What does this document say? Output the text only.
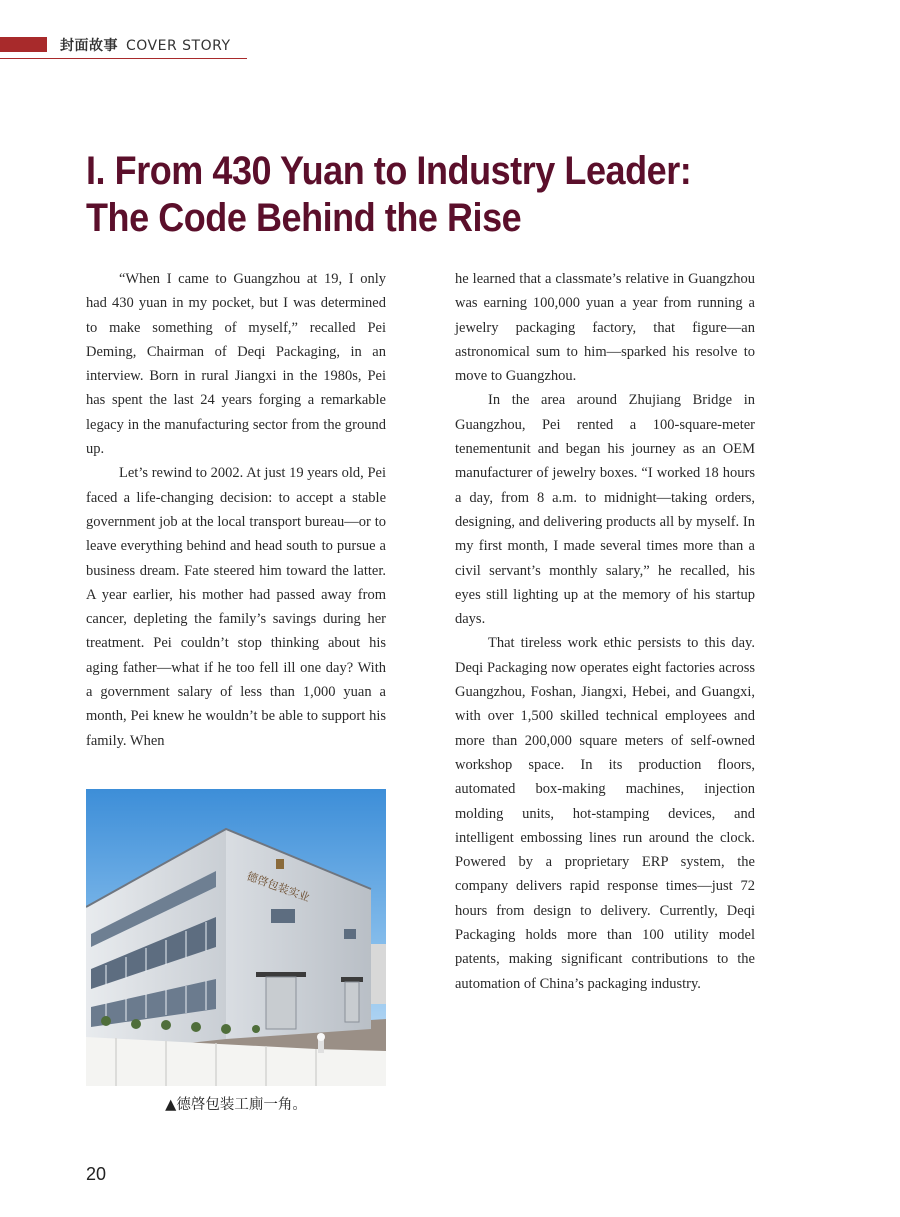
封面故事 COVER STORY
I. From 430 Yuan to Industry Leader:
The Code Behind the Rise

“When I came to Guangzhou at 19, I only had 430 yuan in my pocket, but I was determined to make something of myself,” recalled Pei Deming, Chairman of Deqi Packaging, in an interview. Born in rural Jiangxi in the 1980s, Pei has spent the last 24 years forging a remarkable legacy in the manufacturing sector from the ground up.

Let’s rewind to 2002. At just 19 years old, Pei faced a life-changing decision: to accept a stable government job at the local transport bureau—or to leave everything behind and head south to pursue a business dream. Fate steered him toward the latter. A year earlier, his mother had passed away from cancer, depleting the family’s savings during her treatment. Pei couldn’t stop thinking about his aging father—what if he too fell ill one day? With a government salary of less than 1,000 yuan a month, Pei knew he wouldn’t be able to support his family. When

德啓包装实业
▲德啓包装工廁一角。

he learned that a classmate’s relative in Guangzhou was earning 100,000 yuan a year from running a jewelry packaging factory, that figure—an astronomical sum to him—sparked his resolve to move to Guangzhou.

In the area around Zhujiang Bridge in Guangzhou, Pei rented a 100-square-meter tenementunit and began his journey as an OEM manufacturer of jewelry boxes. “I worked 18 hours a day, from 8 a.m. to midnight—taking orders, designing, and delivering products all by myself. In my first month, I made several times more than a civil servant’s monthly salary,” he recalled, his eyes still lighting up at the memory of his startup days.

That tireless work ethic persists to this day. Deqi Packaging now operates eight factories across Guangzhou, Foshan, Jiangxi, Hebei, and Guangxi, with over 1,500 skilled technical employees and more than 200,000 square meters of self-owned workshop space. In its production floors, automated box-making machines, injection molding units, hot-stamping devices, and intelligent embossing lines run around the clock. Powered by a proprietary ERP system, the company delivers rapid response times—just 72 hours from design to delivery. Currently, Deqi Packaging holds more than 100 utility model patents, making significant contributions to the automation of China’s packaging industry.

20
